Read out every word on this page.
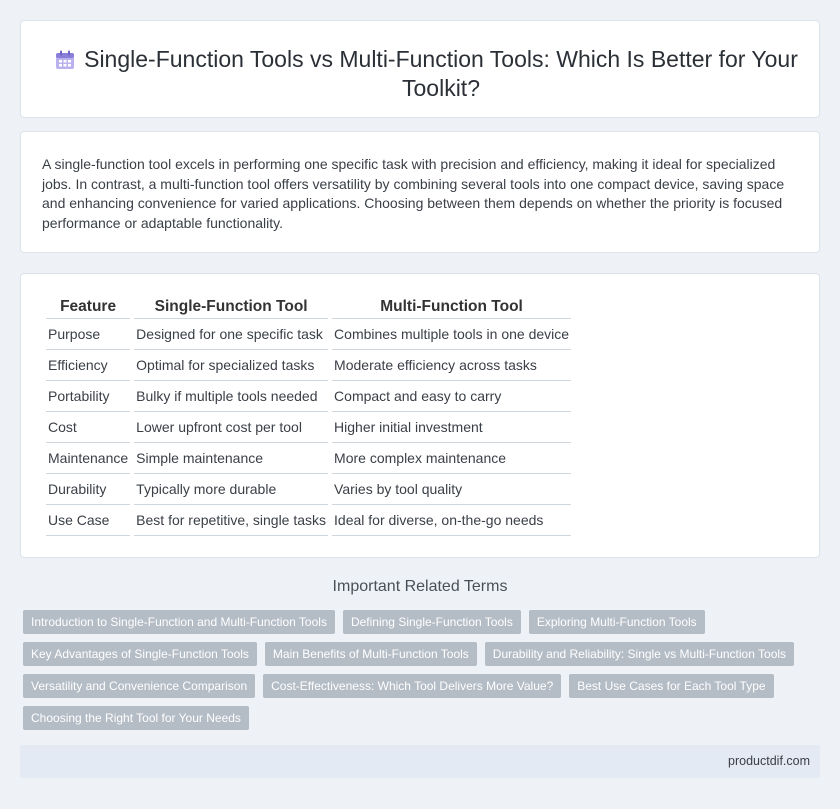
Single-Function Tools vs Multi-Function Tools: Which Is Better for Your Toolkit?

A single-function tool excels in performing one specific task with precision and efficiency, making it ideal for specialized jobs. In contrast, a multi-function tool offers versatility by combining several tools into one compact device, saving space and enhancing convenience for varied applications. Choosing between them depends on whether the priority is focused performance or adaptable functionality.

Feature	Single-Function Tool	Multi-Function Tool
Purpose	Designed for one specific task	Combines multiple tools in one device
Efficiency	Optimal for specialized tasks	Moderate efficiency across tasks
Portability	Bulky if multiple tools needed	Compact and easy to carry
Cost	Lower upfront cost per tool	Higher initial investment
Maintenance	Simple maintenance	More complex maintenance
Durability	Typically more durable	Varies by tool quality
Use Case	Best for repetitive, single tasks	Ideal for diverse, on-the-go needs
Important Related Terms
Introduction to Single-Function and Multi-Function Tools	Defining Single-Function Tools	Exploring Multi-Function Tools
Key Advantages of Single-Function Tools	Main Benefits of Multi-Function Tools	Durability and Reliability: Single vs Multi-Function Tools
Versatility and Convenience Comparison	Cost-Effectiveness: Which Tool Delivers More Value?	Best Use Cases for Each Tool Type
Choosing the Right Tool for Your Needs
productdif.com
